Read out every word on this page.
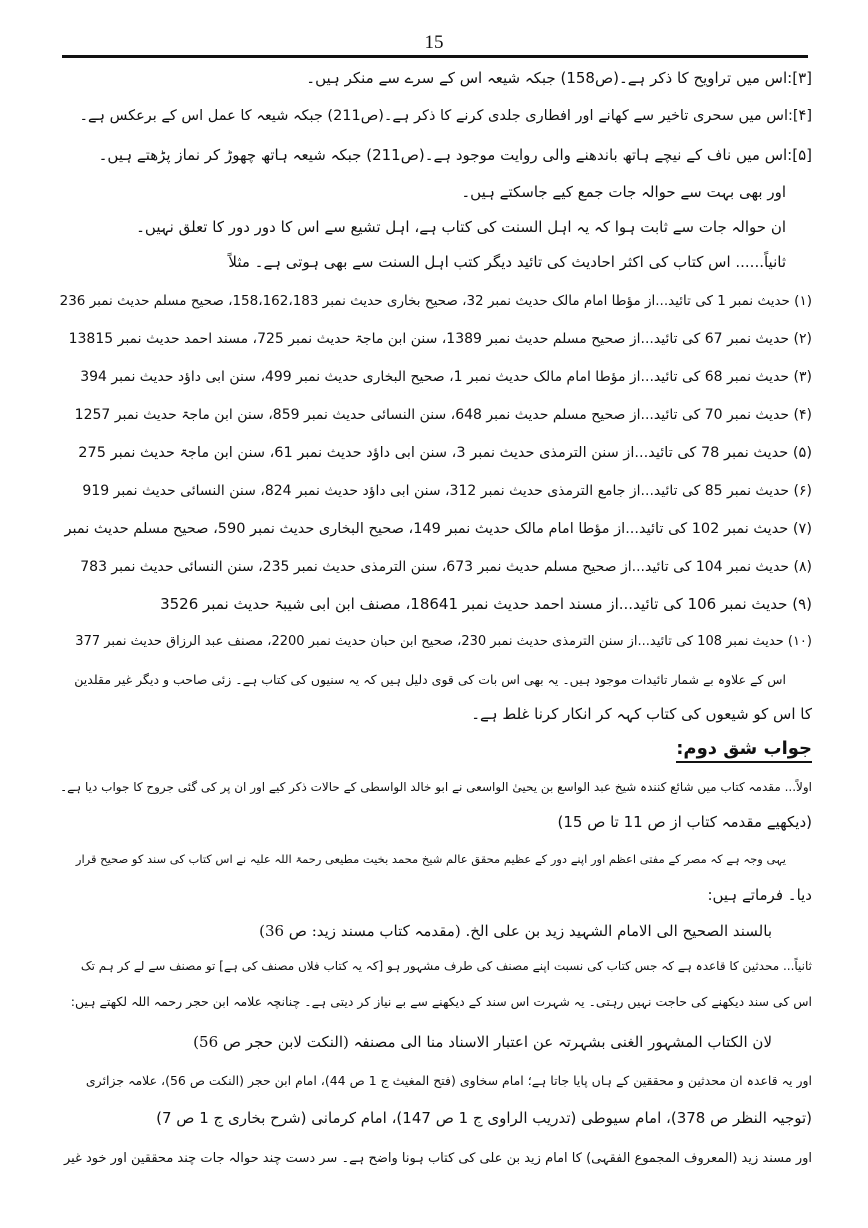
15
[۳]:اس میں تراویح کا ذکر ہے۔(ص158) جبکہ شیعہ اس کے سرے سے منکر ہیں۔
[۴]:اس میں سحری تاخیر سے کھانے اور افطاری جلدی کرنے کا ذکر ہے۔(ص211) جبکہ شیعہ کا عمل اس کے برعکس ہے۔
[۵]:اس میں ناف کے نیچے ہاتھ باندھنے والی روایت موجود ہے۔(ص211) جبکہ شیعہ ہاتھ چھوڑ کر نماز پڑھتے ہیں۔
اور بھی بہت سے حوالہ جات جمع کیے جاسکتے ہیں۔
ان حوالہ جات سے ثابت ہوا کہ یہ اہل السنت کی کتاب ہے، اہل تشیع سے اس کا دور دور کا تعلق نہیں۔
ثانیاً...... اس کتاب کی اکثر احادیث کی تائید دیگر کتب اہل السنت سے بھی ہوتی ہے۔ مثلاً
(۱) حدیث نمبر 1 کی تائید...از مؤطا امام مالک حدیث نمبر 32، صحیح بخاری حدیث نمبر 158،162،183، صحیح مسلم حدیث نمبر 236
(۲) حدیث نمبر 67 کی تائید...از صحیح مسلم حدیث نمبر 1389، سنن ابن ماجۃ حدیث نمبر 725، مسند احمد حدیث نمبر 13815
(۳) حدیث نمبر 68 کی تائید...از مؤطا امام مالک حدیث نمبر 1، صحیح البخاری حدیث نمبر 499، سنن ابی داؤد حدیث نمبر 394
(۴) حدیث نمبر 70 کی تائید...از صحیح مسلم حدیث نمبر 648، سنن النسائی حدیث نمبر 859، سنن ابن ماجۃ حدیث نمبر 1257
(۵) حدیث نمبر 78 کی تائید...از سنن الترمذی حدیث نمبر 3، سنن ابی داؤد حدیث نمبر 61، سنن ابن ماجۃ حدیث نمبر 275
(۶) حدیث نمبر 85 کی تائید...از جامع الترمذی حدیث نمبر 312، سنن ابی داؤد حدیث نمبر 824، سنن النسائی حدیث نمبر 919
(۷) حدیث نمبر 102 کی تائید...از مؤطا امام مالک حدیث نمبر 149، صحیح البخاری حدیث نمبر 590، صحیح مسلم حدیث نمبر
(۸) حدیث نمبر 104 کی تائید...از صحیح مسلم حدیث نمبر 673، سنن الترمذی حدیث نمبر 235، سنن النسائی حدیث نمبر 783
(۹) حدیث نمبر 106 کی تائید...از مسند احمد حدیث نمبر 18641، مصنف ابن ابی شیبۃ حدیث نمبر 3526
(۱۰) حدیث نمبر 108 کی تائید...از سنن الترمذی حدیث نمبر 230، صحیح ابن حبان حدیث نمبر 2200، مصنف عبد الرزاق حدیث نمبر 377
اس کے علاوہ بے شمار تائیدات موجود ہیں۔ یہ بھی اس بات کی قوی دلیل ہیں کہ یہ سنیوں کی کتاب ہے۔ زئی صاحب و دیگر غیر مقلدین
کا اس کو شیعوں کی کتاب کہہ کر انکار کرنا غلط ہے۔
جواب شق دوم:
اولاً... مقدمہ کتاب میں شائع کنندہ شیخ عبد الواسع بن یحییٰ الواسعی نے ابو خالد الواسطی کے حالات ذکر کیے اور ان پر کی گئی جروح کا جواب دیا ہے۔
(دیکھیے مقدمہ کتاب از ص 11 تا ص 15)
یہی وجہ ہے کہ مصر کے مفتی اعظم اور اپنے دور کے عظیم محقق عالم شیخ محمد بخیت مطیعی رحمۃ اللہ علیہ نے اس کتاب کی سند کو صحیح قرار
دیا۔ فرماتے ہیں:
بالسند الصحیح الی الامام الشہید زید بن علی الخ. (مقدمہ کتاب مسند زید: ص 36)
ثانیاً... محدثین کا قاعدہ ہے کہ جس کتاب کی نسبت اپنے مصنف کی طرف مشہور ہو [کہ یہ کتاب فلاں مصنف کی ہے] تو مصنف سے لے کر ہم تک
اس کی سند دیکھنے کی حاجت نہیں رہتی۔ یہ شہرت اس سند کے دیکھنے سے بے نیاز کر دیتی ہے۔ چنانچہ علامہ ابن حجر رحمہ اللہ لکھتے ہیں:
لان الکتاب المشہور الغنی بشہرتہ عن اعتبار الاسناد منا الی مصنفہ (النکت لابن حجر ص 56)
اور یہ قاعدہ ان محدثین و محققین کے ہاں پایا جاتا ہے؛ امام سخاوی (فتح المغیث ج 1 ص 44)، امام ابن حجر (النکت ص 56)، علامہ جزائری
(توجیہ النظر ص 378)، امام سیوطی (تدریب الراوی ج 1 ص 147)، امام کرمانی (شرح بخاری ج 1 ص 7)
اور مسند زید (المعروف المجموع الفقہی) کا امام زید بن علی کی کتاب ہونا واضح ہے۔ سر دست چند حوالہ جات چند محققین اور خود غیر
